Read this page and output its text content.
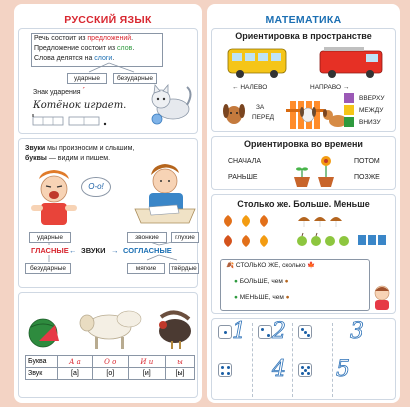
РУССКИЙ ЯЗЫК
Речь состоит из предложений.
Предложение состоит из слов.
Слова делятся на слоги.
ударные	безударные
Знак ударения ´
Котёнок играет.
Звуки мы произносим и слышим,
буквы — видим и пишем.
О-о!
ударные	звонкие	глухие
ГЛАСНЫЕ ← ЗВУКИ → СОГЛАСНЫЕ
безударные	мягкие	твёрдые
Буква	А а	О о	И и	ы
Звук	[а]	[о]	[и]	[ы]
МАТЕМАТИКА
Ориентировка в пространстве
← НАЛЕВО	НАПРАВО →
ЗА
ПЕРЕД
ВВЕРХУ
МЕЖДУ
ВНИЗУ
Ориентировка во времени
СНАЧАЛА
РАНЬШЕ
ПОТОМ
ПОЗЖЕ
Столько же. Больше. Меньше
🍂 СТОЛЬКО ЖЕ, сколько 🍁
● БОЛЬШЕ, чем ●
● МЕНЬШЕ, чем ●
1 2	3
4 5
